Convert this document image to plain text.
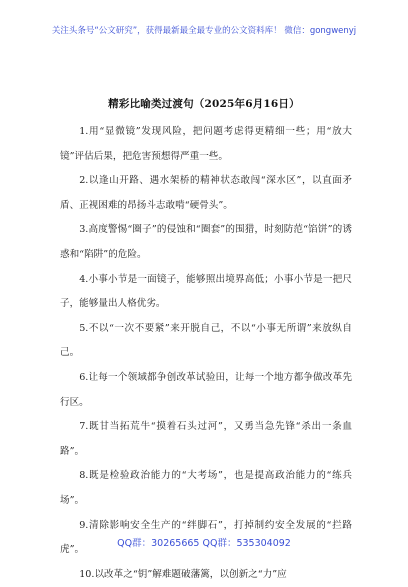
关注头条号“公文研究”，获得最新最全最专业的公文资料库！ 微信：gongwenyj
精彩比喻类过渡句（2025年6月16日）

1.用“显微镜”发现风险，把问题考虑得更精细一些；用“放大镜”评估后果，把危害预想得严重一些。

2.以逢山开路、遇水架桥的精神状态敢闯“深水区”，以直面矛盾、正视困难的昂扬斗志敢啃“硬骨头”。

3.高度警惕“圈子”的侵蚀和“圈套”的围猎，时刻防范“馅饼”的诱惑和“陷阱”的危险。

4.小事小节是一面镜子，能够照出境界高低；小事小节是一把尺子，能够量出人格优劣。

5.不以“一次不要紧”来开脱自己，不以“小事无所谓”来放纵自己。

6.让每一个领域都争创改革试验田，让每一个地方都争做改革先行区。

7.既甘当拓荒牛“摸着石头过河”，又勇当急先锋“杀出一条血路”。

8.既是检验政治能力的“大考场”，也是提高政治能力的“练兵场”。

9.清除影响安全生产的“绊脚石”，打掉制约安全发展的“拦路虎”。

10.以改革之“钥”解难题破藩篱，以创新之“力”应

QQ群：30265665 QQ群：535304092
